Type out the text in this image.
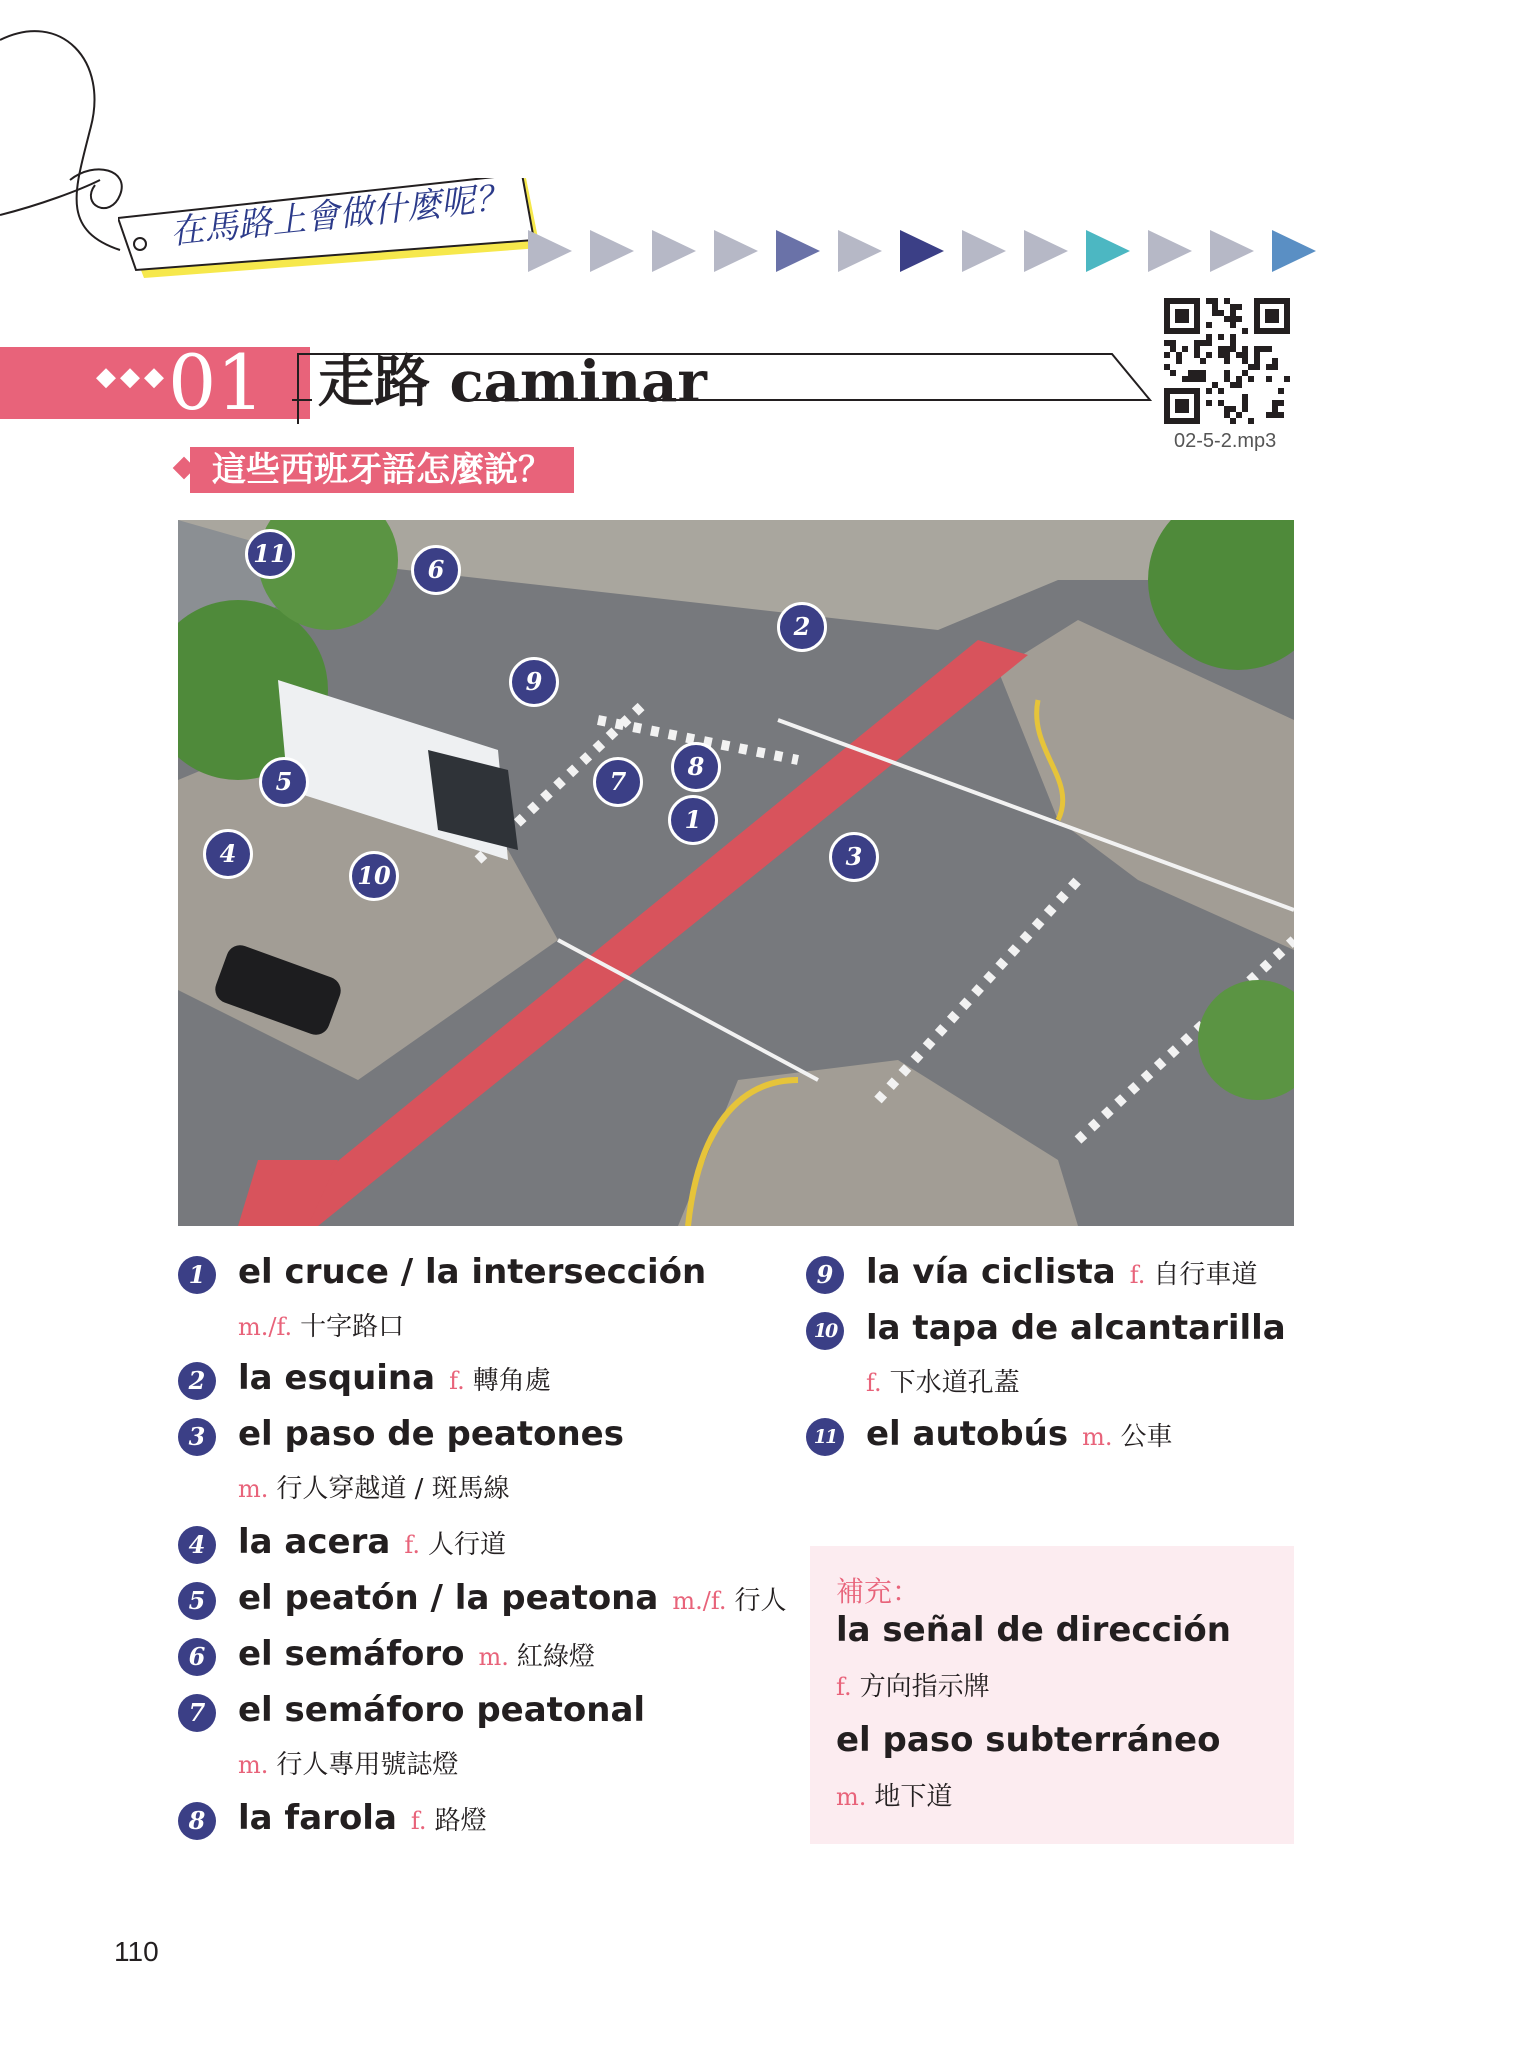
在馬路上會做什麼呢？
◆◆◆ 01 走路 caminar
02-5-2.mp3
這些西班牙語怎麼說？
1
2
3
4
5
6
7
8
9
10
11
1 el cruce / la intersección
m./f. 十字路口
2 la esquina f. 轉角處
3 el paso de peatones
m. 行人穿越道 / 斑馬線
4 la acera f. 人行道
5 el peatón / la peatona m./f. 行人
6 el semáforo m. 紅綠燈
7 el semáforo peatonal
m. 行人專用號誌燈
8 la farola f. 路燈
9 la vía ciclista f. 自行車道
10 la tapa de alcantarilla
f. 下水道孔蓋
11 el autobús m. 公車
補充：
la señal de dirección
f. 方向指示牌
el paso subterráneo
m. 地下道
110
